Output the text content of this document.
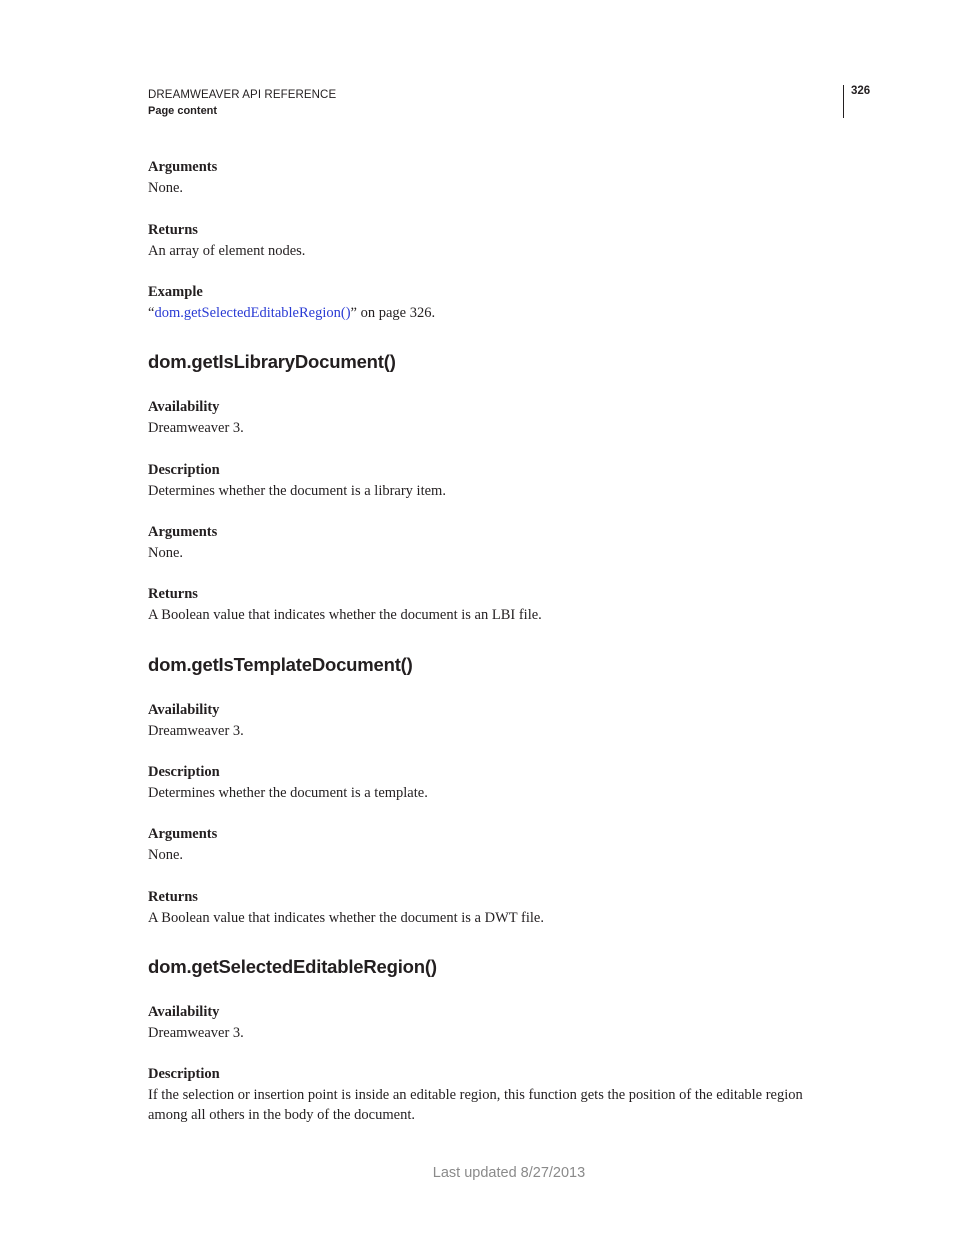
DREAMWEAVER API REFERENCE
Page content
326
Arguments
None.
Returns
An array of element nodes.
Example
“dom.getSelectedEditableRegion()” on page 326.
dom.getIsLibraryDocument()
Availability
Dreamweaver 3.
Description
Determines whether the document is a library item.
Arguments
None.
Returns
A Boolean value that indicates whether the document is an LBI file.
dom.getIsTemplateDocument()
Availability
Dreamweaver 3.
Description
Determines whether the document is a template.
Arguments
None.
Returns
A Boolean value that indicates whether the document is a DWT file.
dom.getSelectedEditableRegion()
Availability
Dreamweaver 3.
Description
If the selection or insertion point is inside an editable region, this function gets the position of the editable region
among all others in the body of the document.
Last updated 8/27/2013
